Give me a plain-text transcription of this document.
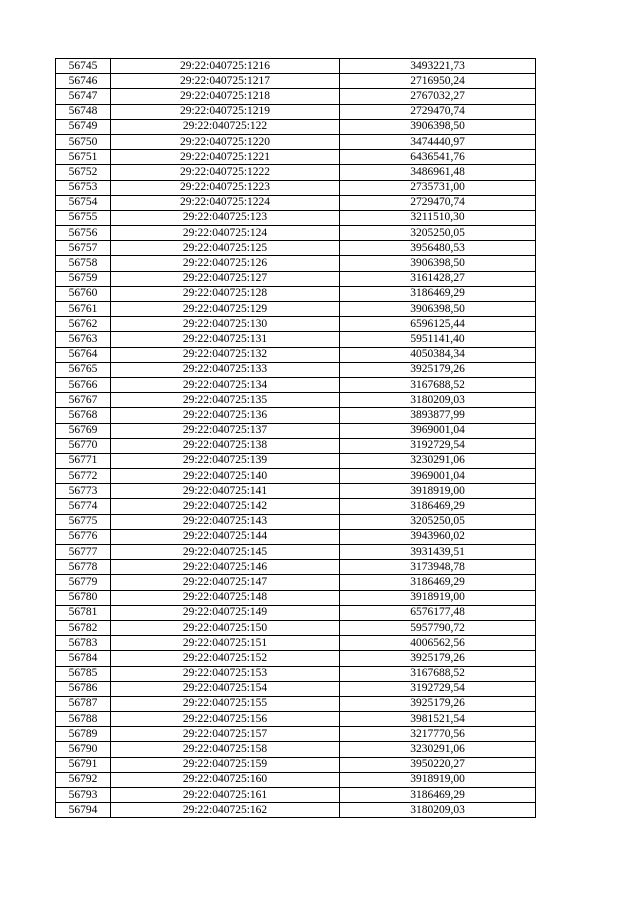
56745	29:22:040725:1216	3493221,73
56746	29:22:040725:1217	2716950,24
56747	29:22:040725:1218	2767032,27
56748	29:22:040725:1219	2729470,74
56749	29:22:040725:122	3906398,50
56750	29:22:040725:1220	3474440,97
56751	29:22:040725:1221	6436541,76
56752	29:22:040725:1222	3486961,48
56753	29:22:040725:1223	2735731,00
56754	29:22:040725:1224	2729470,74
56755	29:22:040725:123	3211510,30
56756	29:22:040725:124	3205250,05
56757	29:22:040725:125	3956480,53
56758	29:22:040725:126	3906398,50
56759	29:22:040725:127	3161428,27
56760	29:22:040725:128	3186469,29
56761	29:22:040725:129	3906398,50
56762	29:22:040725:130	6596125,44
56763	29:22:040725:131	5951141,40
56764	29:22:040725:132	4050384,34
56765	29:22:040725:133	3925179,26
56766	29:22:040725:134	3167688,52
56767	29:22:040725:135	3180209,03
56768	29:22:040725:136	3893877,99
56769	29:22:040725:137	3969001,04
56770	29:22:040725:138	3192729,54
56771	29:22:040725:139	3230291,06
56772	29:22:040725:140	3969001,04
56773	29:22:040725:141	3918919,00
56774	29:22:040725:142	3186469,29
56775	29:22:040725:143	3205250,05
56776	29:22:040725:144	3943960,02
56777	29:22:040725:145	3931439,51
56778	29:22:040725:146	3173948,78
56779	29:22:040725:147	3186469,29
56780	29:22:040725:148	3918919,00
56781	29:22:040725:149	6576177,48
56782	29:22:040725:150	5957790,72
56783	29:22:040725:151	4006562,56
56784	29:22:040725:152	3925179,26
56785	29:22:040725:153	3167688,52
56786	29:22:040725:154	3192729,54
56787	29:22:040725:155	3925179,26
56788	29:22:040725:156	3981521,54
56789	29:22:040725:157	3217770,56
56790	29:22:040725:158	3230291,06
56791	29:22:040725:159	3950220,27
56792	29:22:040725:160	3918919,00
56793	29:22:040725:161	3186469,29
56794	29:22:040725:162	3180209,03
